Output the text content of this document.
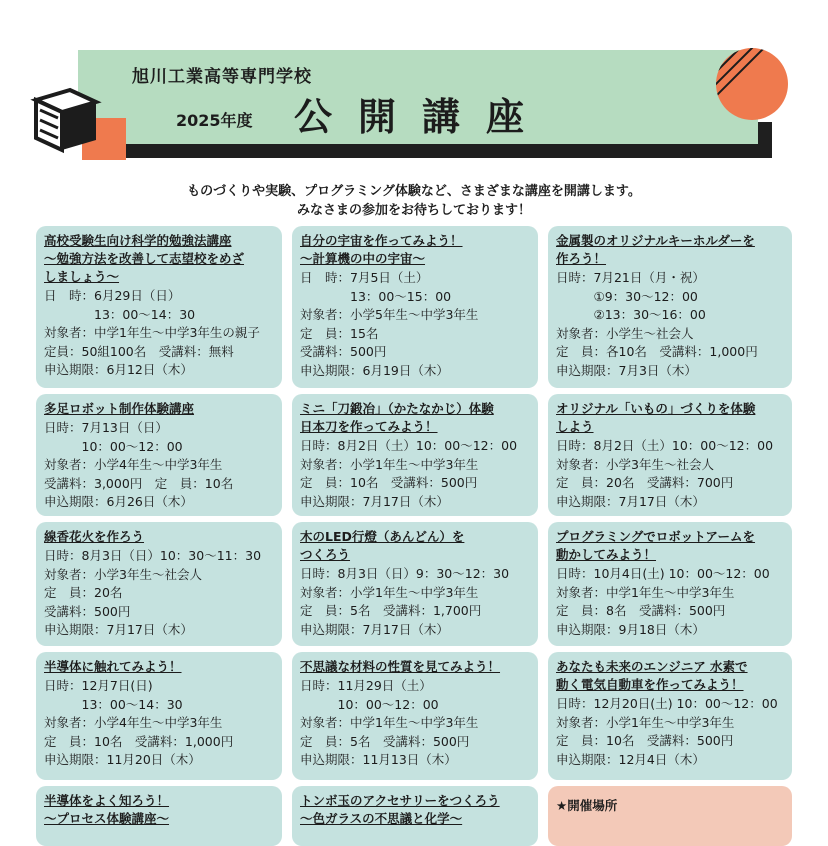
旭川工業高等専門学校
2025年度 公開講座
ものづくりや実験、プログラミング体験など、さまざまな講座を開講します。
みなさまの参加をお待ちしております！
高校受験生向け科学的勉強法講座
〜勉強方法を改善して志望校をめざ
しましょう〜
日　時：6月29日（日）
　　　　13：00〜14：30
対象者：中学1年生〜中学3年生の親子
定員：50組100名　受講料：無料
申込期限：6月12日（木）
自分の宇宙を作ってみよう！
〜計算機の中の宇宙〜
日　時：7月5日（土）
　　　　13：00〜15：00
対象者：小学5年生〜中学3年生
定　員：15名
受講料：500円
申込期限：6月19日（木）
金属製のオリジナルキーホルダーを
作ろう！
日時：7月21日（月・祝）
　　　①9：30〜12：00
　　　②13：30〜16：00
対象者：小学生〜社会人
定　員：各10名　受講料：1,000円
申込期限：7月3日（木）
多足ロボット制作体験講座
日時：7月13日（日）
　　　10：00〜12：00
対象者：小学4年生〜中学3年生
受講料：3,000円　定　員：10名
申込期限：6月26日（木）
ミニ「刀鍛冶」（かたなかじ）体験
日本刀を作ってみよう！
日時：8月2日（土）10：00〜12：00
対象者：小学1年生〜中学3年生
定　員：10名　受講料：500円
申込期限：7月17日（木）
オリジナル「いもの」づくりを体験
しよう
日時：8月2日（土）10：00〜12：00
対象者：小学3年生〜社会人
定　員：20名　受講料：700円
申込期限：7月17日（木）
線香花火を作ろう
日時：8月3日（日）10：30〜11：30
対象者：小学3年生〜社会人
定　員：20名
受講料：500円
申込期限：7月17日（木）
木のLED行燈（あんどん）を
つくろう
日時：8月3日（日）9：30〜12：30
対象者：小学1年生〜中学3年生
定　員：5名　受講料：1,700円
申込期限：7月17日（木）
プログラミングでロボットアームを
動かしてみよう！
日時：10月4日(土) 10：00〜12：00
対象者：中学1年生〜中学3年生
定　員：8名　受講料：500円
申込期限：9月18日（木）
半導体に触れてみよう！
日時：12月7日(日)
　　　13：00〜14：30
対象者：小学4年生〜中学3年生
定　員：10名　受講料：1,000円
申込期限：11月20日（木）
不思議な材料の性質を見てみよう！
日時：11月29日（土）
　　　10：00〜12：00
対象者：中学1年生〜中学3年生
定　員：5名　受講料：500円
申込期限：11月13日（木）
あなたも未来のエンジニア 水素で
動く電気自動車を作ってみよう！
日時：12月20日(土) 10：00〜12：00
対象者：小学1年生〜中学3年生
定　員：10名　受講料：500円
申込期限：12月4日（木）
半導体をよく知ろう！
〜プロセス体験講座〜
トンボ玉のアクセサリーをつくろう
〜色ガラスの不思議と化学〜
★開催場所
